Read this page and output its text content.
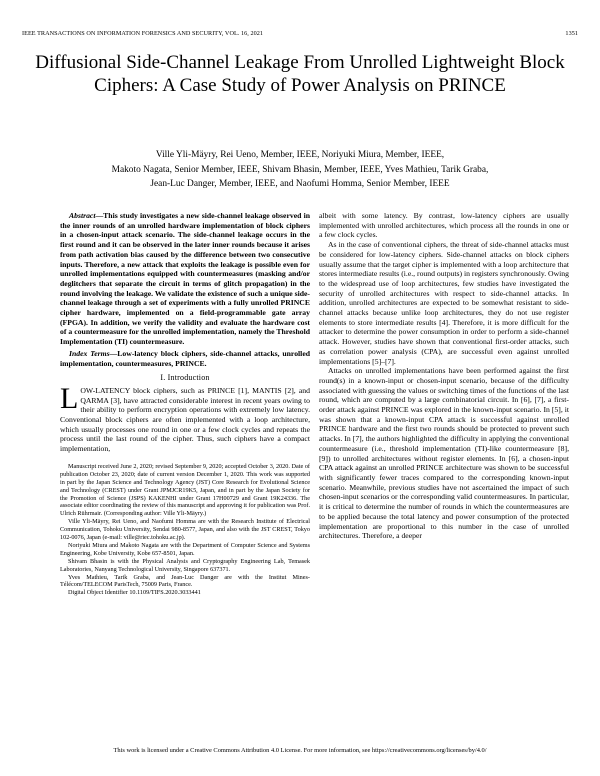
IEEE TRANSACTIONS ON INFORMATION FORENSICS AND SECURITY, VOL. 16, 2021	1351
Diffusional Side-Channel Leakage From Unrolled Lightweight Block Ciphers: A Case Study of Power Analysis on PRINCE
Ville Yli-Mäyry, Rei Ueno, Member, IEEE, Noriyuki Miura, Member, IEEE,
Makoto Nagata, Senior Member, IEEE, Shivam Bhasin, Member, IEEE, Yves Mathieu, Tarik Graba,
Jean-Luc Danger, Member, IEEE, and Naofumi Homma, Senior Member, IEEE

Abstract—This study investigates a new side-channel leakage observed in the inner rounds of an unrolled hardware implementation of block ciphers in a chosen-input attack scenario. The side-channel leakage occurs in the first round and it can be observed in the later inner rounds because it arises from path activation bias caused by the difference between two consecutive inputs. Therefore, a new attack that exploits the leakage is possible even for unrolled implementations equipped with countermeasures (masking and/or deglitchers that separate the circuit in terms of glitch propagation) in the round involving the leakage. We validate the existence of such a unique side-channel leakage through a set of experiments with a fully unrolled PRINCE cipher hardware, implemented on a field-programmable gate array (FPGA). In addition, we verify the validity and evaluate the hardware cost of a countermeasure for the unrolled implementation, namely the Threshold Implementation (TI) countermeasure.

Index Terms—Low-latency block ciphers, side-channel attacks, unrolled implementation, countermeasures, PRINCE.

I. Introduction

LOW-LATENCY block ciphers, such as PRINCE [1], MANTIS [2], and QARMA [3], have attracted considerable interest in recent years owing to their ability to perform encryption operations with extremely low latency. Conventional block ciphers are often implemented with a loop architecture, which usually processes one round in one or a few clock cycles and repeats the process until the last round of the cipher. Thus, such ciphers have a compact implementation,

Manuscript received June 2, 2020; revised September 9, 2020; accepted October 3, 2020. Date of publication October 23, 2020; date of current version December 1, 2020. This work was supported in part by the Japan Science and Technology Agency (JST) Core Research for Evolutional Science and Technology (CREST) under Grant JPMJCR19K5, Japan, and in part by the Japan Society for the Promotion of Science (JSPS) KAKENHI under Grant 17H00729 and Grant 19K24336. The associate editor coordinating the review of this manuscript and approving it for publication was Prof. Ulrich Rührmair. (Corresponding author: Ville Yli-Mäyry.)

Ville Yli-Mäyry, Rei Ueno, and Naofumi Homma are with the Research Institute of Electrical Communication, Tohoku University, Sendai 980-8577, Japan, and also with the JST CREST, Tokyo 102-0076, Japan (e-mail: ville@riec.tohoku.ac.jp).

Noriyuki Miura and Makoto Nagata are with the Department of Computer Science and Systems Engineering, Kobe University, Kobe 657-8501, Japan.

Shivam Bhasin is with the Physical Analysis and Cryptography Engineering Lab, Temasek Laboratories, Nanyang Technological University, Singapore 637371.

Yves Mathieu, Tarik Graba, and Jean-Luc Danger are with the Institut Mines-Télécom/TELECOM ParisTech, 75009 Paris, France.

Digital Object Identifier 10.1109/TIFS.2020.3033441

albeit with some latency. By contrast, low-latency ciphers are usually implemented with unrolled architectures, which process all the rounds in one or a few clock cycles.

As in the case of conventional ciphers, the threat of side-channel attacks must be considered for low-latency ciphers. Side-channel attacks on block ciphers usually assume that the target cipher is implemented with a loop architecture that stores intermediate results (i.e., round outputs) in registers synchronously. Owing to the widespread use of loop architectures, few studies have investigated the security of unrolled architectures with respect to side-channel attacks. In addition, unrolled architectures are expected to be somewhat resistant to side-channel attacks because unlike loop architectures, they do not use register elements to store intermediate results [4]. Therefore, it is more difficult for the attacker to determine the power consumption in order to perform a side-channel attack. However, studies have shown that conventional first-order attacks, such as correlation power analysis (CPA), are successful even against unrolled implementations [5]–[7].

Attacks on unrolled implementations have been performed against the first round(s) in a known-input or chosen-input scenario, because of the difficulty associated with guessing the values or switching times of the functions of the last round, which are computed by a large combinatorial circuit. In [6], [7], a first-order attack against PRINCE was explored in the known-input scenario. In [5], it was shown that a known-input CPA attack is successful against unrolled PRINCE hardware and the first two rounds should be protected to prevent such attacks. In [7], the authors highlighted the difficulty in applying the conventional countermeasure (i.e., threshold implementation (TI)-like countermeasure [8], [9]) to unrolled architectures without register elements. In [6], a chosen-input CPA attack against an unrolled PRINCE architecture was shown to be successful with significantly fewer traces compared to the corresponding known-input scenario. Meanwhile, previous studies have not ascertained the impact of such chosen-input scenarios or the corresponding valid countermeasures. In particular, it is critical to determine the number of rounds in which the countermeasures are to be applied because the total latency and power consumption of the protected implementation are proportional to this number in the case of unrolled architectures. Therefore, a deeper

This work is licensed under a Creative Commons Attribution 4.0 License. For more information, see https://creativecommons.org/licenses/by/4.0/
